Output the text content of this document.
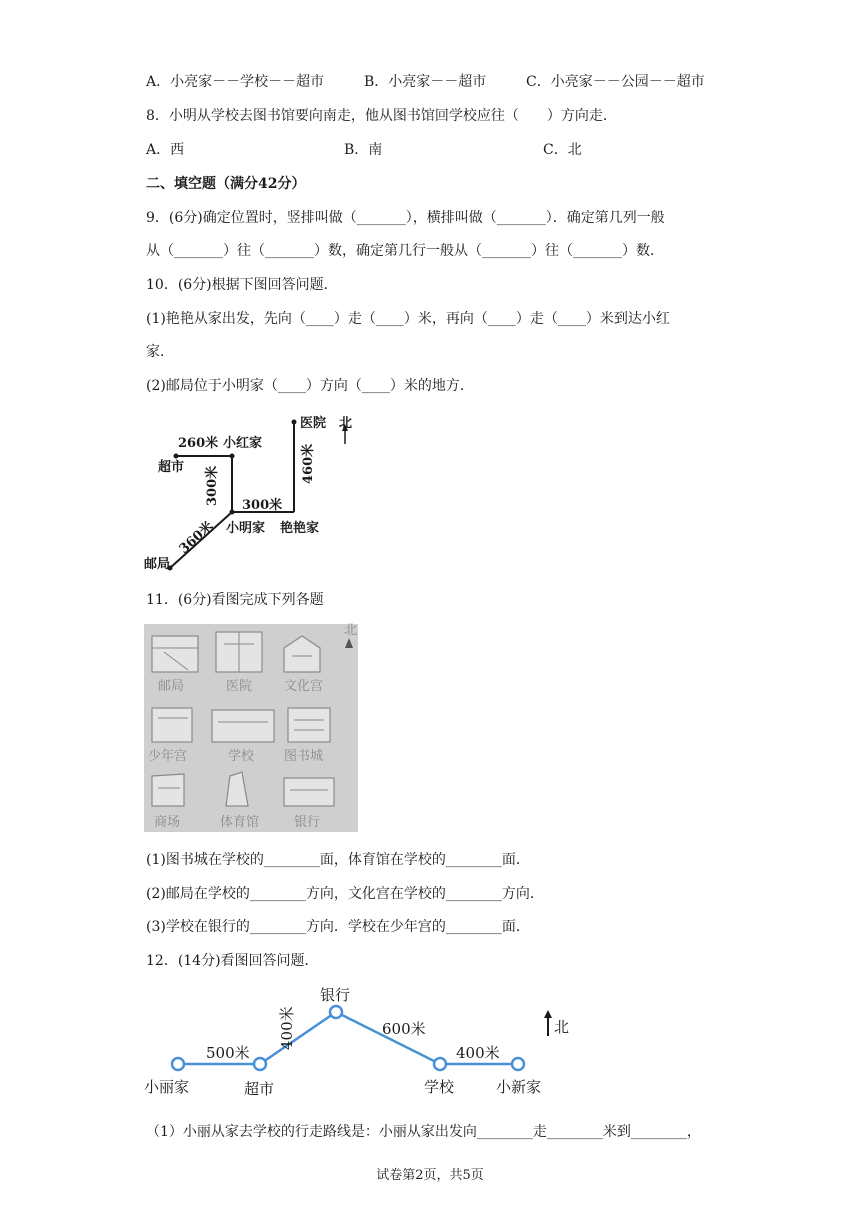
A．小亮家－－学校－－超市	B．小亮家－－超市	C．小亮家－－公园－－超市
8．小明从学校去图书馆要向南走，他从图书馆回学校应往（　　）方向走．
A．西	B．南	C．北
二、填空题（满分42分）
9．(6分)确定位置时，竖排叫做（_______），横排叫做（_______）．确定第几列一般
从（_______）往（_______）数，确定第几行一般从（_______）往（_______）数．
10．(6分)根据下图回答问题．
(1)艳艳从家出发，先向（____）走（____）米，再向（____）走（____）米到达小红
家．
(2)邮局位于小明家（____）方向（____）米的地方．
医院 北
260米 小红家
超市 300米
460米
300米
小明家 艳艳家
360米
邮局
11．(6分)看图完成下列各题
北
邮局	医院 文化宫
少年宫	学校 图书城
商场	体育馆	银行
(1)图书城在学校的________面，体育馆在学校的________面．
(2)邮局在学校的________方向，文化宫在学校的________方向．
(3)学校在银行的________方向．学校在少年宫的________面．
12．(14分)看图回答问题．
银行
400米	600米	北
500米	400米
小丽家	超市	学校	小新家
（1）小丽从家去学校的行走路线是：小丽从家出发向________走________米到________，
试卷第2页，共5页
